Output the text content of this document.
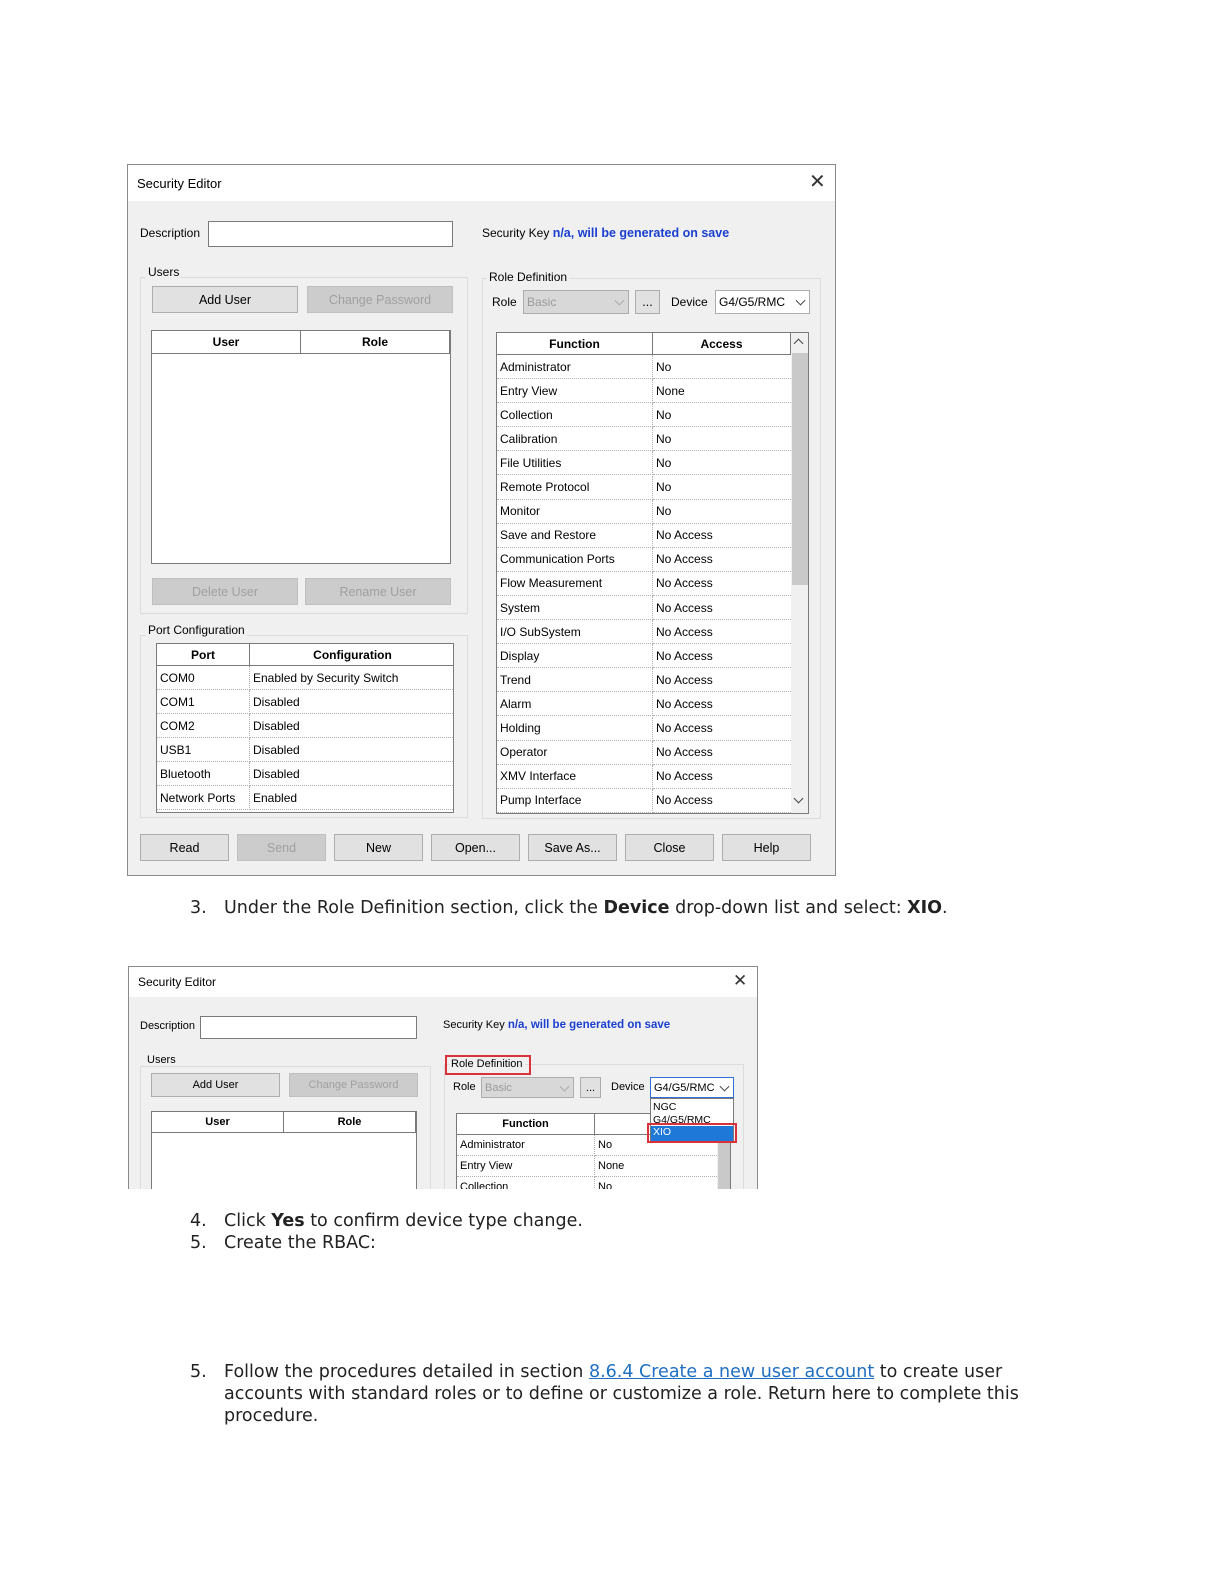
Security Editor	✕
Description	Security Key n/a, will be generated on save
Users
Add User	Change Password
User	Role
Delete User	Rename User
Port Configuration
Port	Configuration
COM0	Enabled by Security Switch
COM1	Disabled
COM2	Disabled
USB1	Disabled
Bluetooth	Disabled
Network Ports	Enabled
Role Definition
Role Basic	...	Device G4/G5/RMC
Function	Access
Administrator	No
Entry View	None
Collection	No
Calibration	No
File Utilities	No
Remote Protocol	No
Monitor	No
Save and Restore	No Access
Communication Ports	No Access
Flow Measurement	No Access
System	No Access
I/O SubSystem	No Access
Display	No Access
Trend	No Access
Alarm	No Access
Holding	No Access
Operator	No Access
XMV Interface	No Access
Pump Interface	No Access
Read	Send	New	Open...	Save As...	Close	Help
3. Under the Role Definition section, click the Device drop-down list and select: XIO.
Security Editor	✕
Description	Security Key n/a, will be generated on save
Users
Add User	Change Password
User	Role
Role Definition
Role Basic	...	Device G4/G5/RMC
Function
Administrator	No
Entry View	None
Collection	No
NGC
G4/G5/RMC
XIO
4. Click Yes to confirm device type change.
5. Create the RBAC:
5. Follow the procedures detailed in section 8.6.4 Create a new user account to create user
accounts with standard roles or to define or customize a role. Return here to complete this
procedure.
